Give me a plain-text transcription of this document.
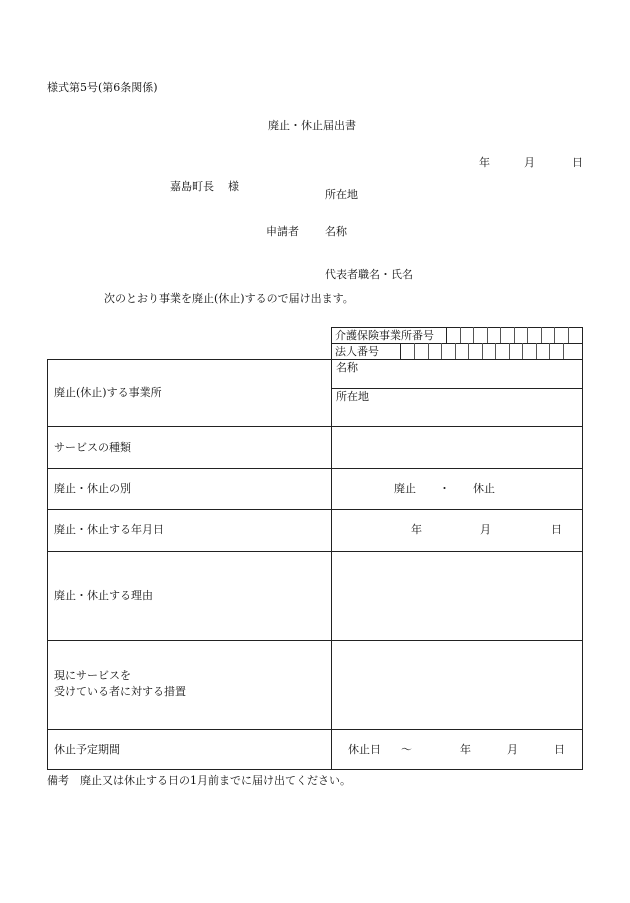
様式第5号(第6条関係)
廃止・休止届出書
年	月	日
嘉島町長 様
所在地
申請者 名称
代表者職名・氏名
次のとおり事業を廃止(休止)するので届け出ます。
介護保険事業所番号
法人番号
廃止(休止)する事業所
名称
所在地
サービスの種類
廃止・休止の別	廃止 ・ 休止
廃止・休止する年月日	年	月	日
廃止・休止する理由
現にサービスを
受けている者に対する措置
休止予定期間	休止日 〜	年	月	日
備考　廃止又は休止する日の1月前までに届け出てください。
